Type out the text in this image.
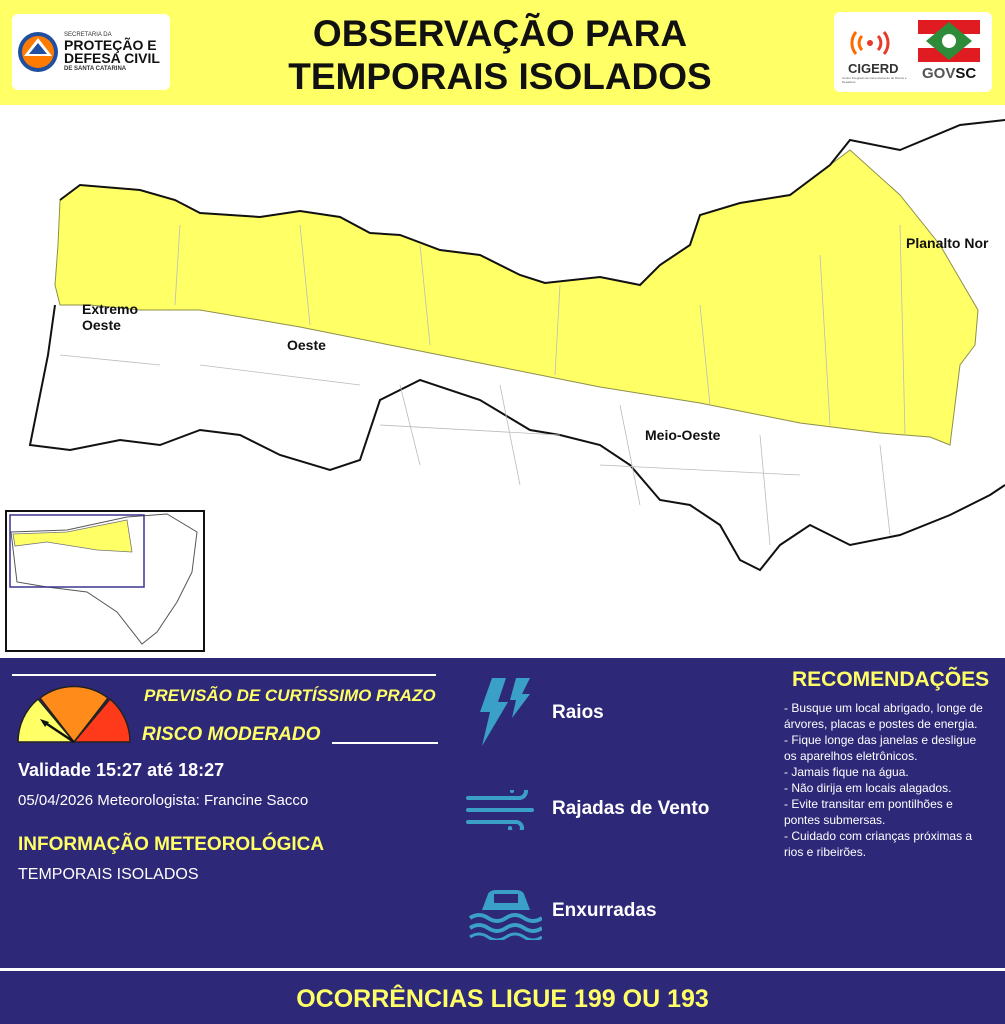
SECRETARIA DA
PROTEÇÃO E
DEFESA CIVIL
DE SANTA CATARINA
OBSERVAÇÃO PARA
TEMPORAIS ISOLADOS	CIGERD
Centro Integrado de Gerenciamento de Riscos e Desastres	GOVSC
Extremo
Oeste
Oeste
Meio-Oeste
Planalto Nor
PREVISÃO DE CURTÍSSIMO PRAZO
RISCO MODERADO
Validade 15:27 até 18:27
05/04/2026 Meteorologista: Francine Sacco
INFORMAÇÃO METEOROLÓGICA
TEMPORAIS ISOLADOS
Raios
Rajadas de Vento
Enxurradas
RECOMENDAÇÕES

- Busque um local abrigado, longe de árvores, placas e postes de energia.

- Fique longe das janelas e desligue os aparelhos eletrônicos.

- Jamais fique na água.

- Não dirija em locais alagados.

- Evite transitar em pontilhões e pontes submersas.

- Cuidado com crianças próximas a rios e ribeirões.

OCORRÊNCIAS LIGUE 199 OU 193
